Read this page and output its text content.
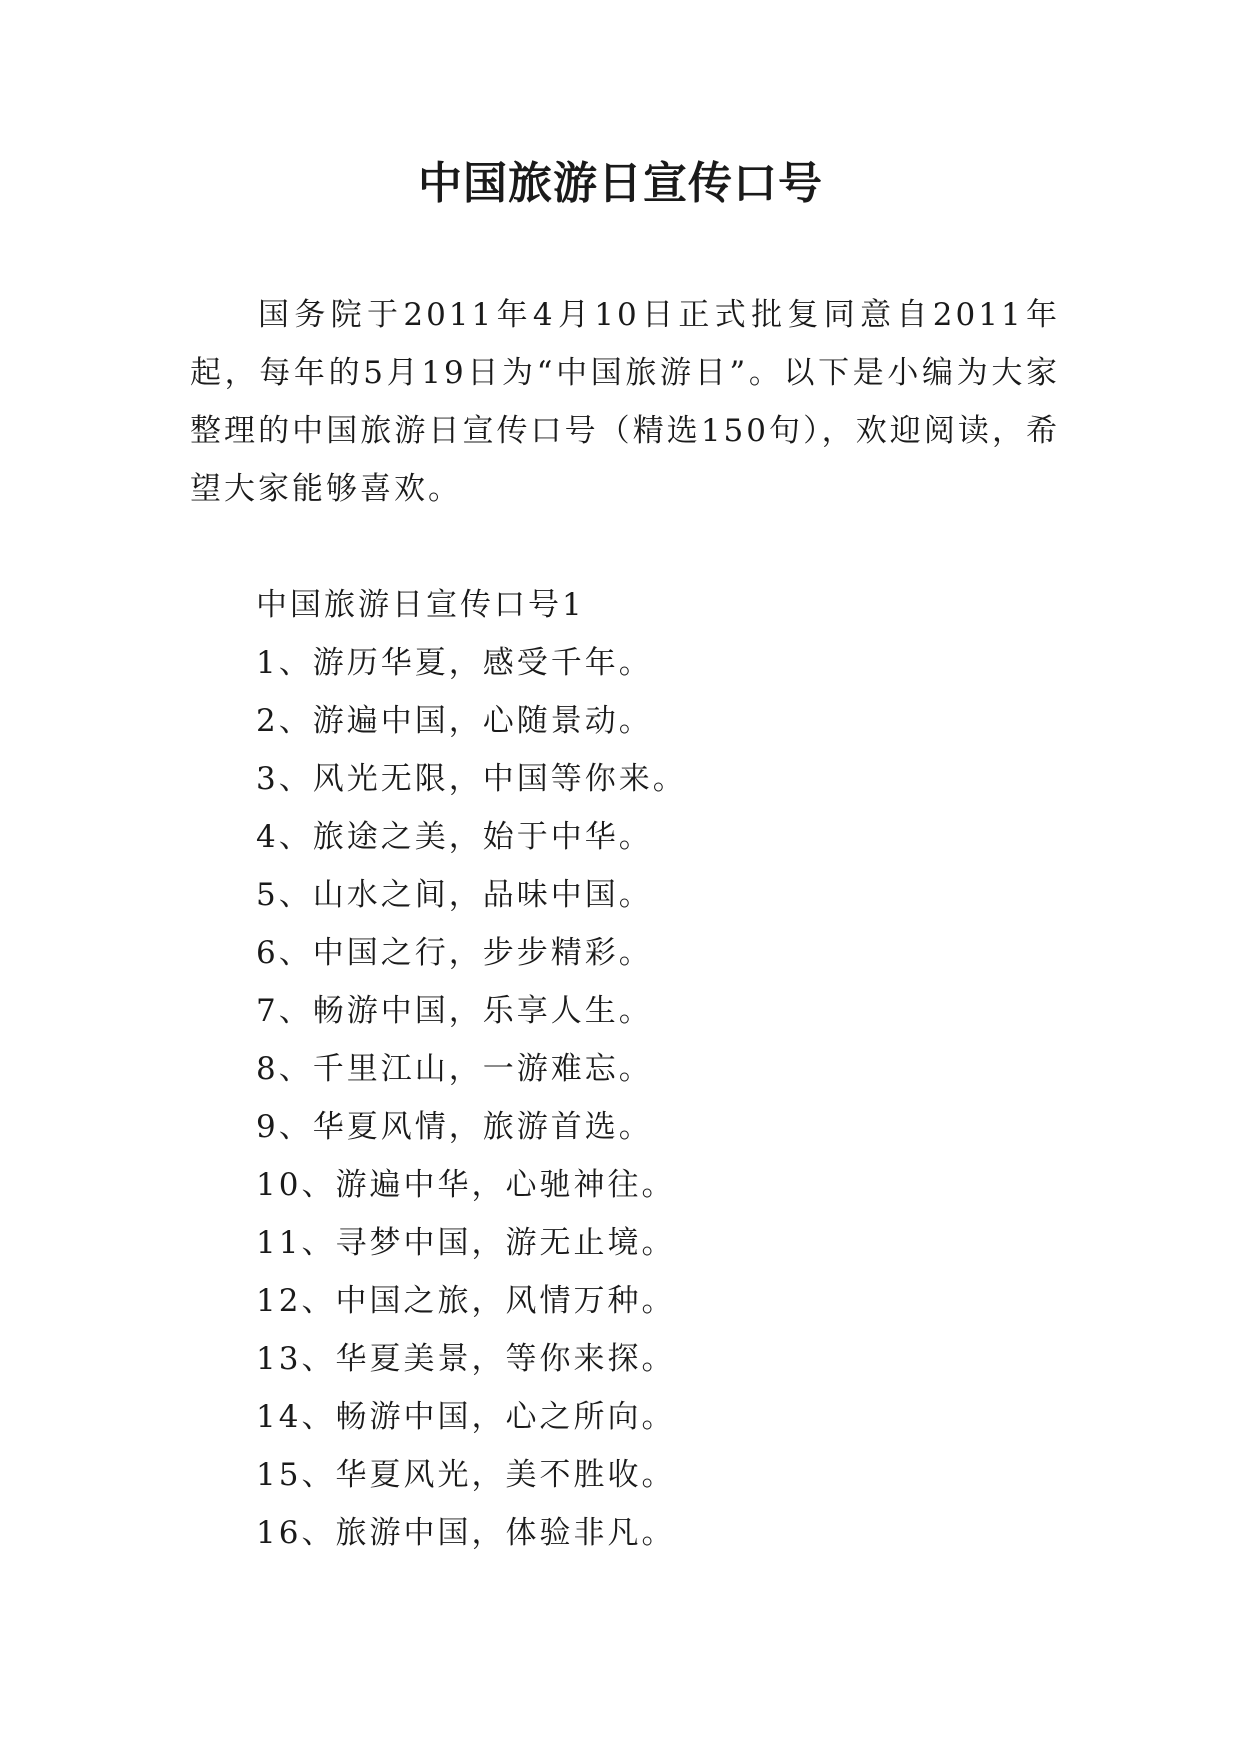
中国旅游日宣传口号

国务院于2011年4月10日正式批复同意自2011年起，每年的5月19日为“中国旅游日”。以下是小编为大家整理的中国旅游日宣传口号（精选150句），欢迎阅读，希望大家能够喜欢。

中国旅游日宣传口号1
1、游历华夏，感受千年。
2、游遍中国，心随景动。
3、风光无限，中国等你来。
4、旅途之美，始于中华。
5、山水之间，品味中国。
6、中国之行，步步精彩。
7、畅游中国，乐享人生。
8、千里江山，一游难忘。
9、华夏风情，旅游首选。
10、游遍中华，心驰神往。
11、寻梦中国，游无止境。
12、中国之旅，风情万种。
13、华夏美景，等你来探。
14、畅游中国，心之所向。
15、华夏风光，美不胜收。
16、旅游中国，体验非凡。
